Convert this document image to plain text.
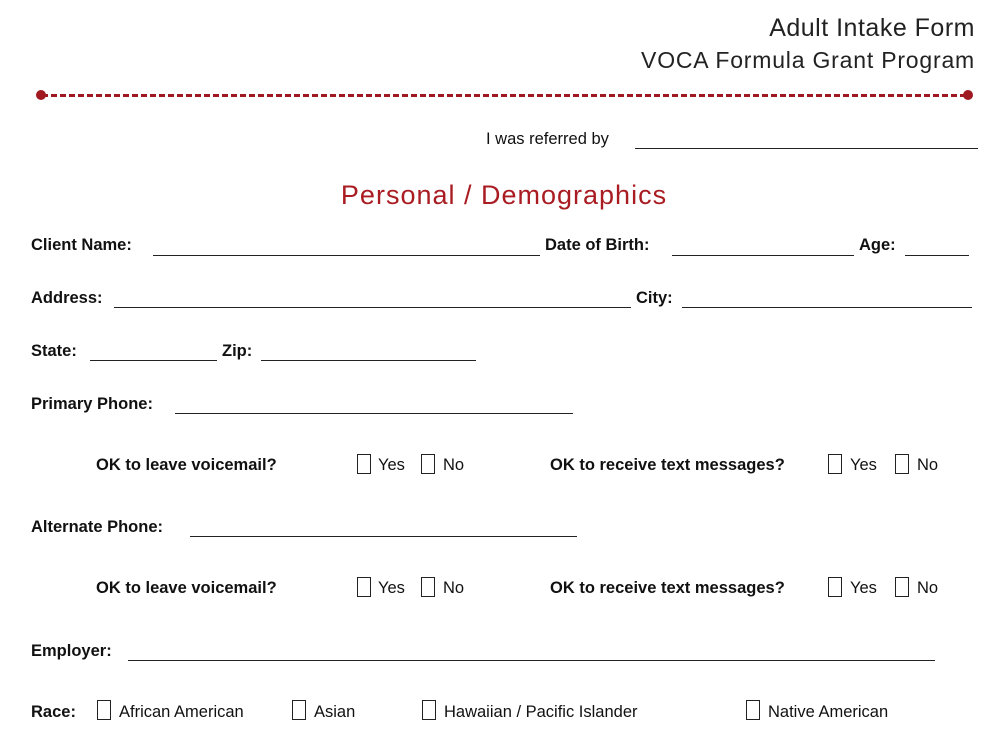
Adult Intake Form
VOCA Formula Grant Program
I was referred by
Personal / Demographics
Client Name:	Date of Birth:	Age:
Address:	City:
State:	Zip:
Primary Phone:
OK to leave voicemail?	Yes No	OK to receive text messages?	Yes No
Alternate Phone:
OK to leave voicemail?	Yes No	OK to receive text messages?	Yes No
Employer:
Race:	African American	Asian	Hawaiian / Pacific Islander	Native American
